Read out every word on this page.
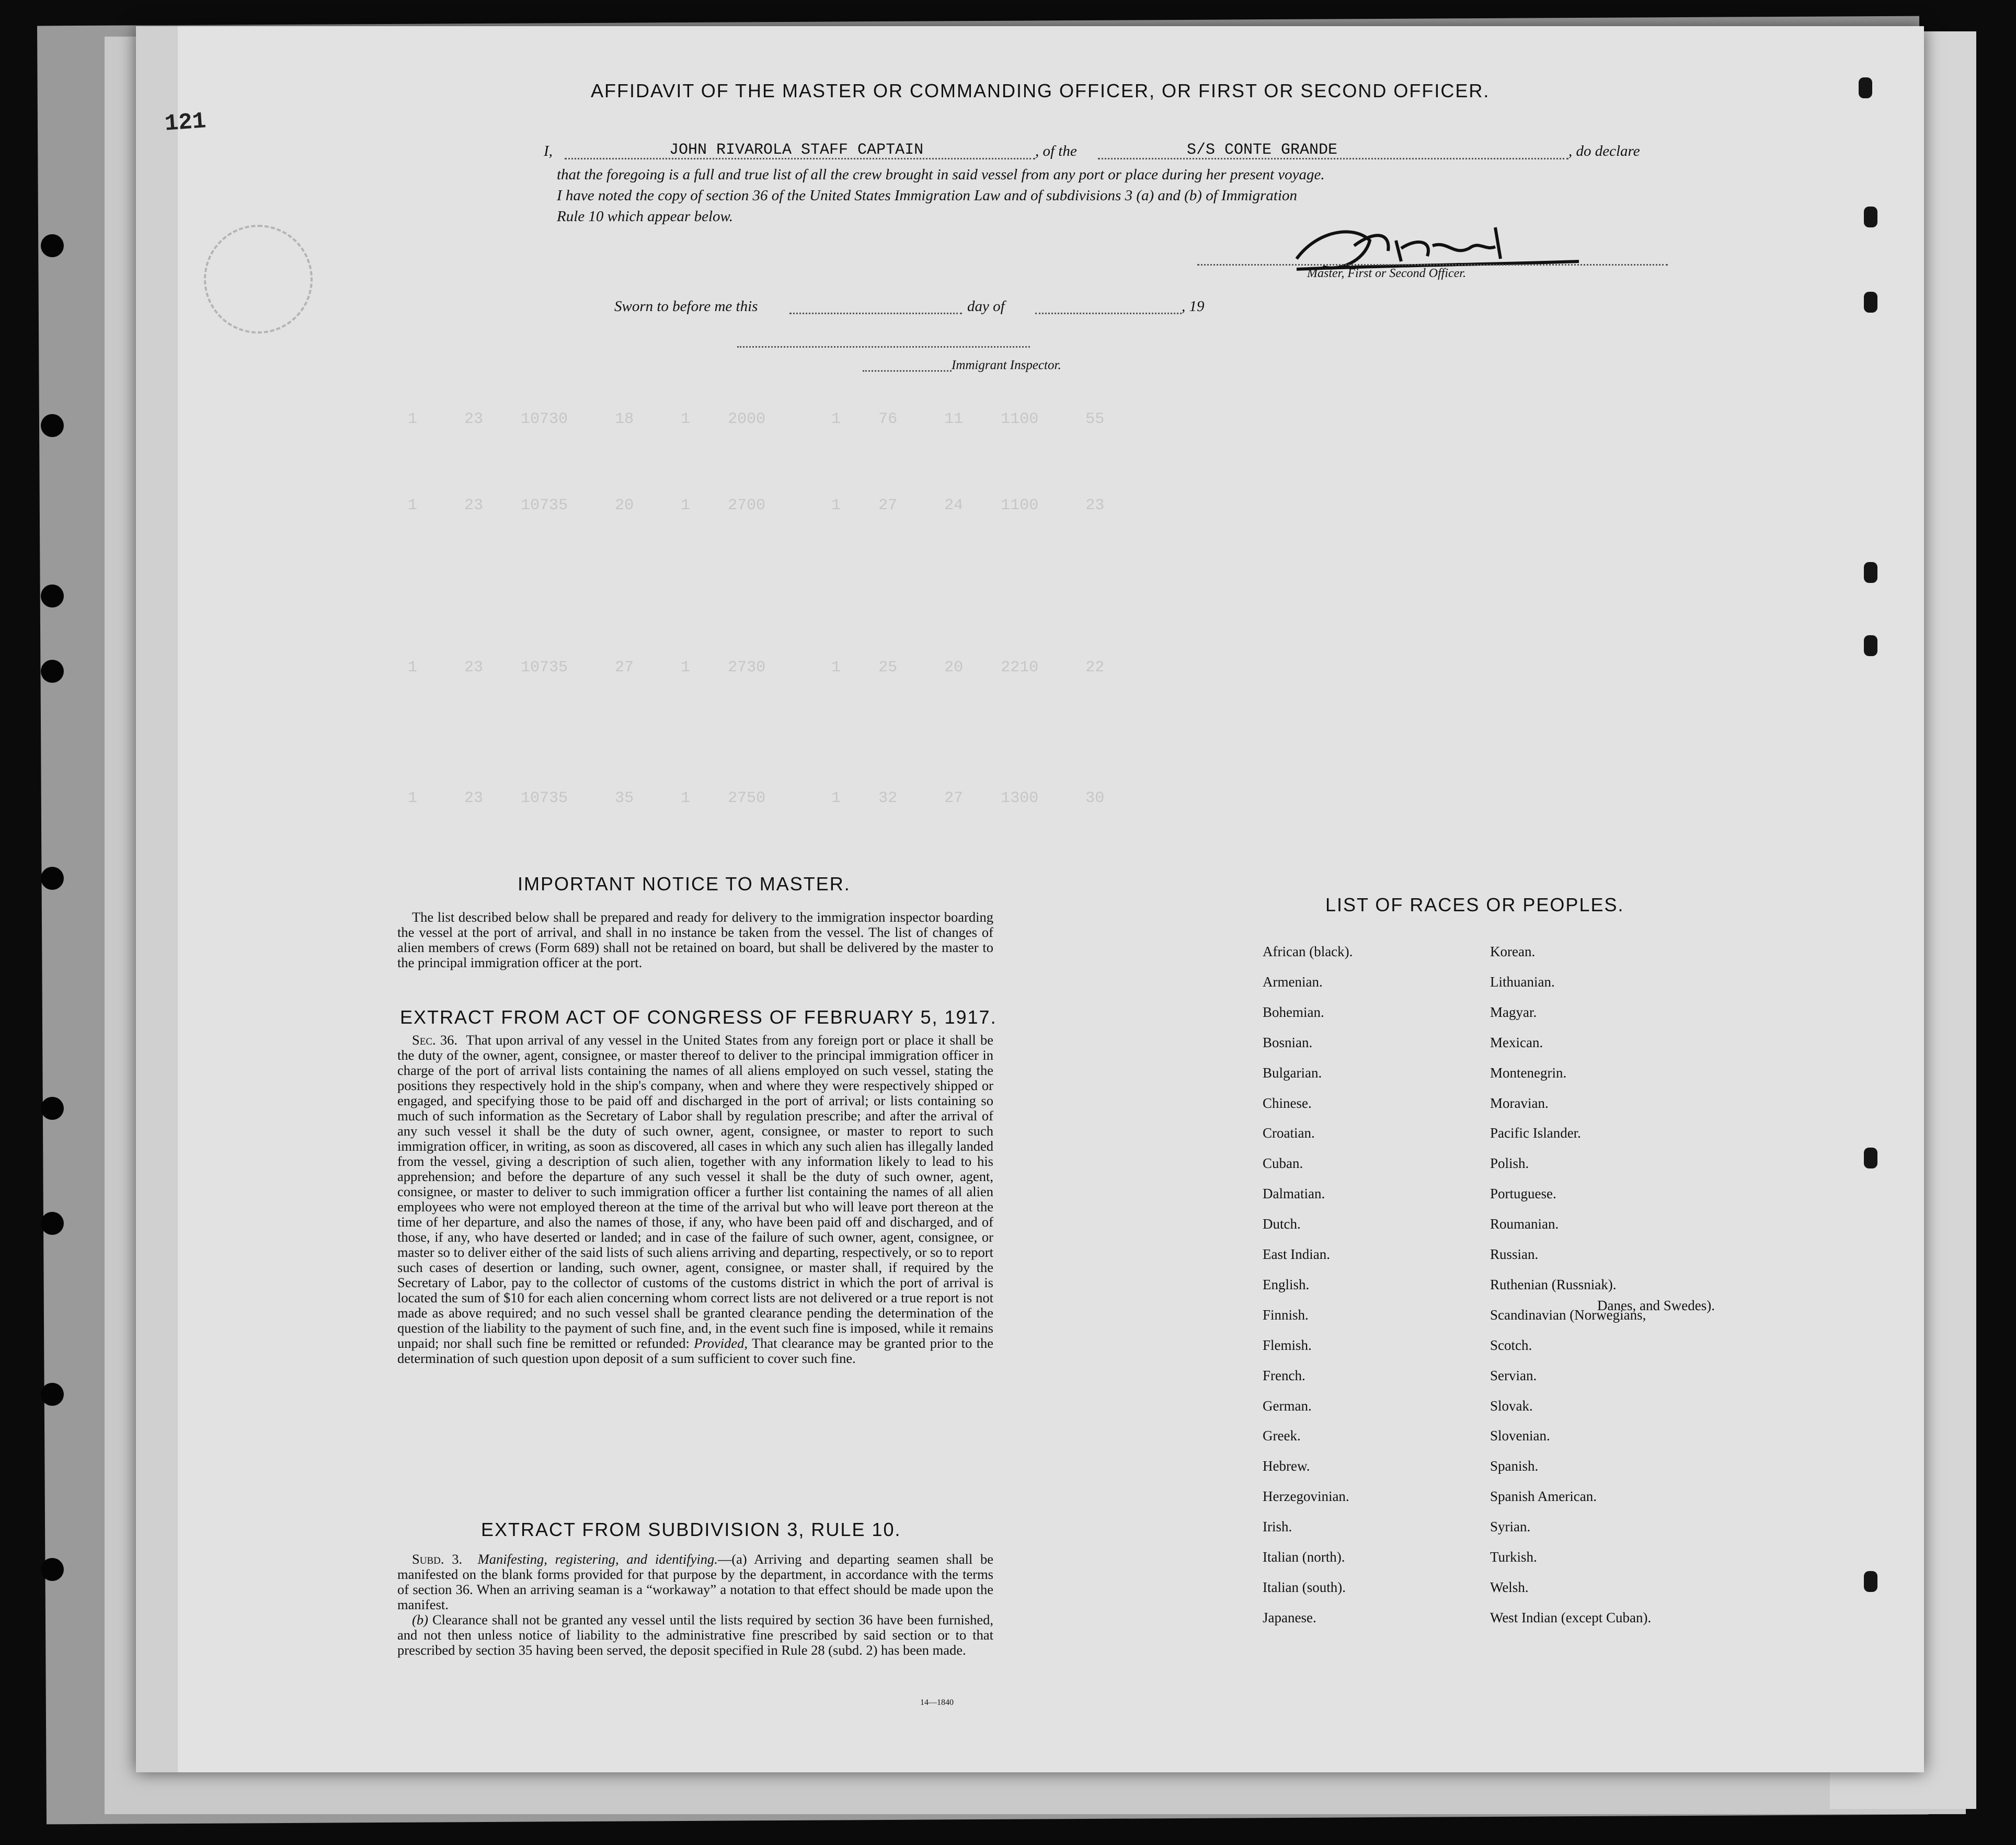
121
1     23    10730     18     1    2000       1    76     11    1100     55
1     23    10735     20     1    2700       1    27     24    1100     23
1     23    10735     27     1    2730       1    25     20    2210     22
1     23    10735     35     1    2750       1    32     27    1300     30
AFFIDAVIT OF THE MASTER OR COMMANDING OFFICER, OR FIRST OR SECOND OFFICER.
I,	JOHN RIVAROLA STAFF CAPTAIN	, of the	S/S CONTE GRANDE	, do declare
that the foregoing is a full and true list of all the crew brought in said vessel from any port or place during her present voyage.
I have noted the copy of section 36 of the United States Immigration Law and of subdivisions 3 (a) and (b) of Immigration
Rule 10 which appear below.
Master, First or Second Officer.
Sworn to before me this	day of	, 19
Immigrant Inspector.
IMPORTANT NOTICE TO MASTER.

The list described below shall be prepared and ready for delivery to the immigration inspector boarding the vessel at the port of arrival, and shall in no instance be taken from the vessel. The list of changes of alien members of crews (Form 689) shall not be retained on board, but shall be delivered by the master to the principal immigration officer at the port.

EXTRACT FROM ACT OF CONGRESS OF FEBRUARY 5, 1917.

Sec. 36. That upon arrival of any vessel in the United States from any foreign port or place it shall be the duty of the owner, agent, consignee, or master thereof to deliver to the principal immigration officer in charge of the port of arrival lists containing the names of all aliens employed on such vessel, stating the positions they respectively hold in the ship's company, when and where they were respectively shipped or engaged, and specifying those to be paid off and discharged in the port of arrival; or lists containing so much of such information as the Secretary of Labor shall by regulation prescribe; and after the arrival of any such vessel it shall be the duty of such owner, agent, consignee, or master to report to such immigration officer, in writing, as soon as discovered, all cases in which any such alien has illegally landed from the vessel, giving a description of such alien, together with any information likely to lead to his apprehension; and before the departure of any such vessel it shall be the duty of such owner, agent, consignee, or master to deliver to such immigration officer a further list containing the names of all alien employees who were not employed thereon at the time of the arrival but who will leave port thereon at the time of her departure, and also the names of those, if any, who have been paid off and discharged, and of those, if any, who have deserted or landed; and in case of the failure of such owner, agent, consignee, or master so to deliver either of the said lists of such aliens arriving and departing, respectively, or so to report such cases of desertion or landing, such owner, agent, consignee, or master shall, if required by the Secretary of Labor, pay to the collector of customs of the customs district in which the port of arrival is located the sum of $10 for each alien concerning whom correct lists are not delivered or a true report is not made as above required; and no such vessel shall be granted clearance pending the determination of the question of the liability to the payment of such fine, and, in the event such fine is imposed, while it remains unpaid; nor shall such fine be remitted or refunded: Provided, That clearance may be granted prior to the determination of such question upon deposit of a sum sufficient to cover such fine.

EXTRACT FROM SUBDIVISION 3, RULE 10.

Subd. 3. Manifesting, registering, and identifying.—(a) Arriving and departing seamen shall be manifested on the blank forms provided for that purpose by the department, in accordance with the terms of section 36. When an arriving seaman is a “workaway” a notation to that effect should be made upon the manifest.

(b) Clearance shall not be granted any vessel until the lists required by section 36 have been furnished, and not then unless notice of liability to the administrative fine prescribed by said section or to that prescribed by section 35 having been served, the deposit specified in Rule 28 (subd. 2) has been made.

14—1840
LIST OF RACES OR PEOPLES.
Danes, and Swedes).
African (black).
Armenian.
Bohemian.
Bosnian.
Bulgarian.
Chinese.
Croatian.
Cuban.
Dalmatian.
Dutch.
East Indian.
English.
Finnish.
Flemish.
French.
German.
Greek.
Hebrew.
Herzegovinian.
Irish.
Italian (north).
Italian (south).
Japanese.
Korean.
Lithuanian.
Magyar.
Mexican.
Montenegrin.
Moravian.
Pacific Islander.
Polish.
Portuguese.
Roumanian.
Russian.
Ruthenian (Russniak).
Scandinavian (Norwegians,
Scotch.
Servian.
Slovak.
Slovenian.
Spanish.
Spanish American.
Syrian.
Turkish.
Welsh.
West Indian (except Cuban).
